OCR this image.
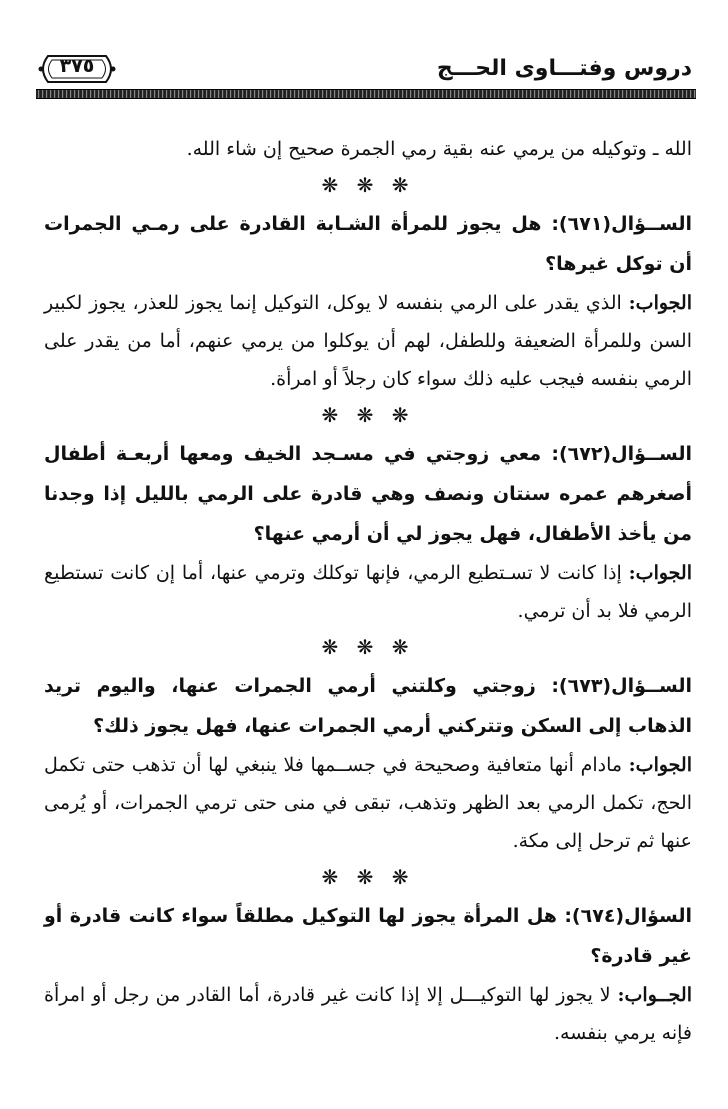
٣٧٥	دروس وفتـــاوى الحـــج

الله ـ وتوكيله من يرمي عنه بقية رمي الجمرة صحيح إن شاء الله.

❋ ❋ ❋

الســؤال(٦٧١): هل يجوز للمرأة الشـابة القادرة على رمـي الجمرات أن توكل غيرها؟

الجواب: الذي يقدر على الرمي بنفسه لا يوكل، التوكيل إنما يجوز للعذر، يجوز لكبير السن وللمرأة الضعيفة وللطفل، لهم أن يوكلوا من يرمي عنهم، أما من يقدر على الرمي بنفسه فيجب عليه ذلك سواء كان رجلاً أو امرأة.

❋ ❋ ❋

الســؤال(٦٧٢): معي زوجتي في مسـجد الخيف ومعها أربعـة أطفال أصغرهم عمره سنتان ونصف وهي قادرة على الرمي بالليل إذا وجدنا من يأخذ الأطفال، فهل يجوز لي أن أرمي عنها؟

الجواب: إذا كانت لا تسـتطيع الرمي، فإنها توكلك وترمي عنها، أما إن كانت تستطيع الرمي فلا بد أن ترمي.

❋ ❋ ❋

الســؤال(٦٧٣): زوجتي وكلتني أرمي الجمرات عنها، واليوم تريد الذهاب إلى السكن وتتركني أرمي الجمرات عنها، فهل يجوز ذلك؟

الجواب: مادام أنها متعافية وصحيحة في جســمها فلا ينبغي لها أن تذهب حتى تكمل الحج، تكمل الرمي بعد الظهر وتذهب، تبقى في منى حتى ترمي الجمرات، أو يُرمى عنها ثم ترحل إلى مكة.

❋ ❋ ❋

السؤال(٦٧٤): هل المرأة يجوز لها التوكيل مطلقاً سواء كانت قادرة أو غير قادرة؟

الجــواب: لا يجوز لها التوكيـــل إلا إذا كانت غير قادرة، أما القادر من رجل أو امرأة فإنه يرمي بنفسه.
